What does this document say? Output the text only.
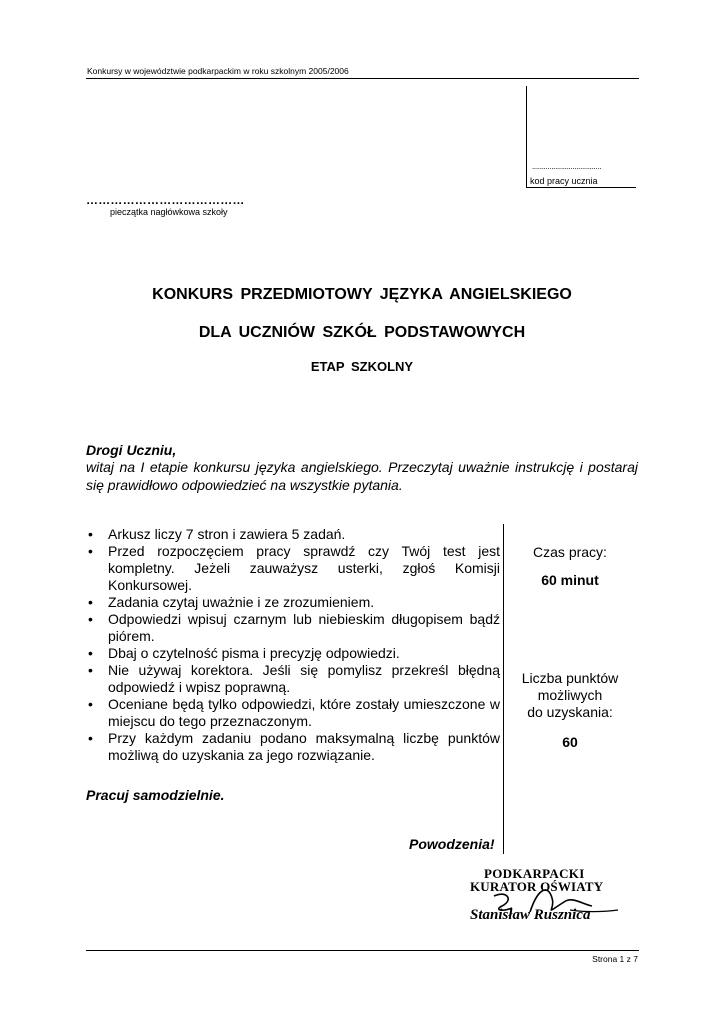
Konkursy w województwie podkarpackim w roku szkolnym 2005/2006
....................................
kod pracy ucznia
…………………………………
pieczątka nagłówkowa szkoły
KONKURS PRZEDMIOTOWY JĘZYKA ANGIELSKIEGO
DLA UCZNIÓW SZKÓŁ PODSTAWOWYCH
ETAP SZKOLNY
Drogi Uczniu,
witaj na I etapie konkursu języka angielskiego. Przeczytaj uważnie instrukcję i postaraj się prawidłowo odpowiedzieć na wszystkie pytania.
• Arkusz liczy 7 stron i zawiera 5 zadań.
• Przed rozpoczęciem pracy sprawdź czy Twój test jest kompletny. Jeżeli zauważysz usterki, zgłoś Komisji Konkursowej.
• Zadania czytaj uważnie i ze zrozumieniem.
• Odpowiedzi wpisuj czarnym lub niebieskim długopisem bądź piórem.
• Dbaj o czytelność pisma i precyzję odpowiedzi.
• Nie używaj korektora. Jeśli się pomylisz przekreśl błędną odpowiedź i wpisz poprawną.
• Oceniane będą tylko odpowiedzi, które zostały umieszczone w miejscu do tego przeznaczonym.
• Przy każdym zadaniu podano maksymalną liczbę punktów możliwą do uzyskania za jego rozwiązanie.
Czas pracy:
60 minut
Liczba punktów
możliwych
do uzyskania:
60
Pracuj samodzielnie.
Powodzenia!
PODKARPACKI
KURATOR OŚWIATY
Stanisław Rusznica
Strona 1 z 7
